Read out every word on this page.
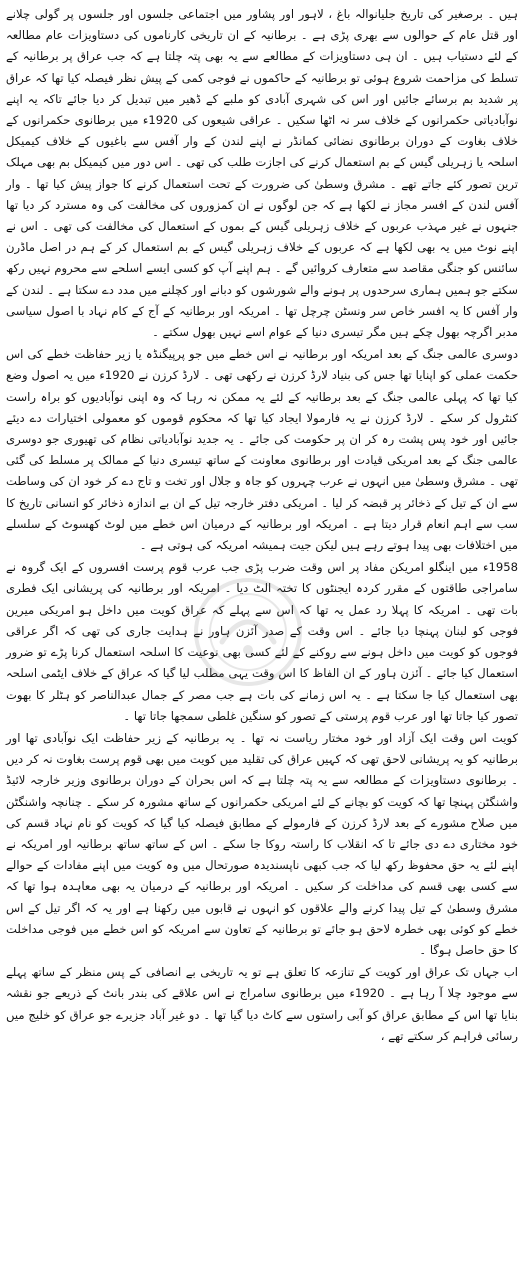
ہیں ۔ برصغیر کی تاریخ جلیانوالہ باغ ، لاہور اور پشاور میں اجتماعی جلسوں اور جلسوں پر گولی چلانے اور قتل عام کے حوالوں سے بھری پڑی ہے ۔ برطانیہ کے ان تاریخی کارناموں کی دستاویزات عام مطالعہ کے لئے دستیاب ہیں ۔ ان ہی دستاویزات کے مطالعے سے یہ بھی پتہ چلتا ہے کہ جب عراق پر برطانیہ کے تسلط کی مزاحمت شروع ہوئی تو برطانیہ کے حاکموں نے فوجی کمی کے پیش نظر فیصلہ کیا تھا کہ عراق پر شدید بم برسائے جائیں اور اس کی شہری آبادی کو ملبے کے ڈھیر میں تبدیل کر دیا جائے تاکہ یہ اپنے نوآبادیاتی حکمرانوں کے خلاف سر نہ اٹھا سکیں ۔ عراقی شیعوں کی 1920ء میں برطانوی حکمرانوں کے خلاف بغاوت کے دوران برطانوی نضائی کمانڈر نے اپنے لندن کے وار آفس سے باغیوں کے خلاف کیمیکل اسلحہ یا زہریلی گیس کے بم استعمال کرنے کی اجازت طلب کی تھی ۔ اس دور میں کیمیکل بم بھی مہلک ترین تصور کئے جاتے تھے ۔ مشرق وسطیٰ کی ضرورت کے تحت استعمال کرنے کا جواز پیش کیا تھا ۔ وار آفس لندن کے افسر مجاز نے لکھا ہے کہ جن لوگوں نے ان کمزوروں کی مخالفت کی وہ مسترد کر دیا تھا جنہوں نے غیر مہذب عربوں کے خلاف زہریلی گیس کے بموں کے استعمال کی مخالفت کی تھی ۔ اس نے اپنے نوٹ میں یہ بھی لکھا ہے کہ عربوں کے خلاف زہریلی گیس کے بم استعمال کر کے ہم در اصل ماڈرن سائنس کو جنگی مقاصد سے متعارف کروائیں گے ۔ ہم اپنے آپ کو کسی ایسے اسلحے سے محروم نہیں رکھ سکتے جو ہمیں ہماری سرحدوں پر ہونے والے شورشوں کو دبانے اور کچلنے میں مدد دے سکتا ہے ۔ لندن کے وار آفس کا یہ افسر خاص سر ونسٹن چرچل تھا ۔ امریکہ اور برطانیہ کے آج کے کام نہاد با اصول سیاسی مدبر اگرچہ بھول چکے ہیں مگر تیسری دنیا کے عوام اسے نہیں بھول سکتے ۔

دوسری عالمی جنگ کے بعد امریکہ اور برطانیہ نے اس خطے میں جو پرپیگنڈہ یا زیر حفاظت خطے کی اس حکمت عملی کو اپنایا تھا جس کی بنیاد لارڈ کرزن نے رکھی تھی ۔ لارڈ کرزن نے 1920ء میں یہ اصول وضع کیا تھا کہ پہلی عالمی جنگ کے بعد برطانیہ کے لئے یہ ممکن نہ رہا کہ وہ اپنی نوآبادیوں کو براہ راست کنٹرول کر سکے ۔ لارڈ کرزن نے یہ فارمولا ایجاد کیا تھا کہ محکوم قوموں کو معمولی اختیارات دے دیئے جائیں اور خود پس پشت رہ کر ان پر حکومت کی جائے ۔ یہ جدید نوآبادیاتی نظام کی تھیوری جو دوسری عالمی جنگ کے بعد امریکی قیادت اور برطانوی معاونت کے ساتھ تیسری دنیا کے ممالک پر مسلط کی گئی تھی ۔ مشرق وسطیٰ میں انہوں نے عرب چہروں کو جاہ و جلال اور تخت و تاج دے کر خود ان کی وساطت سے ان کے تیل کے ذخائر پر قبضہ کر لیا ۔ امریکی دفتر خارجہ تیل کے ان بے اندازہ ذخائر کو انسانی تاریخ کا سب سے اہم انعام قرار دیتا ہے ۔ امریکہ اور برطانیہ کے درمیان اس خطے میں لوٹ کھسوٹ کے سلسلے میں اختلافات بھی پیدا ہوتے رہے ہیں لیکن جیت ہمیشہ امریکہ کی ہوتی ہے ۔

1958ء میں اینگلو امریکن مفاد پر اس وقت ضرب پڑی جب عرب قوم پرست افسروں کے ایک گروہ نے سامراجی طاقتوں کے مقرر کردہ ایجنٹوں کا تختہ الٹ دیا ۔ امریکہ اور برطانیہ کی پریشانی ایک فطری بات تھی ۔ امریکہ کا پہلا رد عمل یہ تھا کہ اس سے پہلے کہ عراق کویت میں داخل ہو امریکی میرین فوجی کو لبنان پہنچا دیا جائے ۔ اس وقت کے صدر آئزن ہاور نے ہدایت جاری کی تھی کہ اگر عراقی فوجوں کو کویت میں داخل ہونے سے روکنے کے لئے کسی بھی نوعیت کا اسلحہ استعمال کرنا پڑے تو ضرور استعمال کیا جائے ۔ آئزن ہاور کے ان الفاظ کا اس وقت یہی مطلب لیا گیا کہ عراق کے خلاف ایٹمی اسلحہ بھی استعمال کیا جا سکتا ہے ۔ یہ اس زمانے کی بات ہے جب مصر کے جمال عبدالناصر کو ہٹلر کا بھوت تصور کیا جاتا تھا اور عرب قوم پرستی کے تصور کو سنگین غلطی سمجھا جاتا تھا ۔

کویت اس وقت ایک آزاد اور خود مختار ریاست نہ تھا ۔ یہ برطانیہ کے زیر حفاظت ایک نوآبادی تھا اور برطانیہ کو یہ پریشانی لاحق تھی کہ کہیں عراق کی تقلید میں کویت میں بھی قوم پرست بغاوت نہ کر دیں ۔ برطانوی دستاویزات کے مطالعہ سے یہ پتہ چلتا ہے کہ اس بحران کے دوران برطانوی وزیر خارجہ لائیڈ واشنگٹن پہنچا تھا کہ کویت کو بچانے کے لئے امریکی حکمرانوں کے ساتھ مشورہ کر سکے ۔ چنانچہ واشنگٹن میں صلاح مشورے کے بعد لارڈ کرزن کے فارمولے کے مطابق فیصلہ کیا گیا کہ کویت کو نام نہاد قسم کی خود مختاری دے دی جائے تا کہ انقلاب کا راستہ روکا جا سکے ۔ اس کے ساتھ ساتھ برطانیہ اور امریکہ نے اپنے لئے یہ حق محفوظ رکھ لیا کہ جب کبھی ناپسندیدہ صورتحال میں وہ کویت میں اپنے مفادات کے حوالے سے کسی بھی قسم کی مداخلت کر سکیں ۔ امریکہ اور برطانیہ کے درمیان یہ بھی معاہدہ ہوا تھا کہ مشرق وسطیٰ کے تیل پیدا کرنے والے علاقوں کو انہوں نے قابوں میں رکھنا ہے اور یہ کہ اگر تیل کے اس خطے کو کوئی بھی خطرہ لاحق ہو جائے تو برطانیہ کے تعاون سے امریکہ کو اس خطے میں فوجی مداخلت کا حق حاصل ہوگا ۔

اب جہاں تک عراق اور کویت کے تنازعہ کا تعلق ہے تو یہ تاریخی بے انصافی کے پس منظر کے ساتھ پہلے سے موجود چلا آ رہا ہے ۔ 1920ء میں برطانوی سامراج نے اس علاقے کی بندر بانٹ کے ذریعے جو نقشہ بنایا تھا اس کے مطابق عراق کو آبی راستوں سے کاٹ دیا گیا تھا ۔ دو غیر آباد جزیرے جو عراق کو خلیج میں رسائی فراہم کر سکتے تھے ،
